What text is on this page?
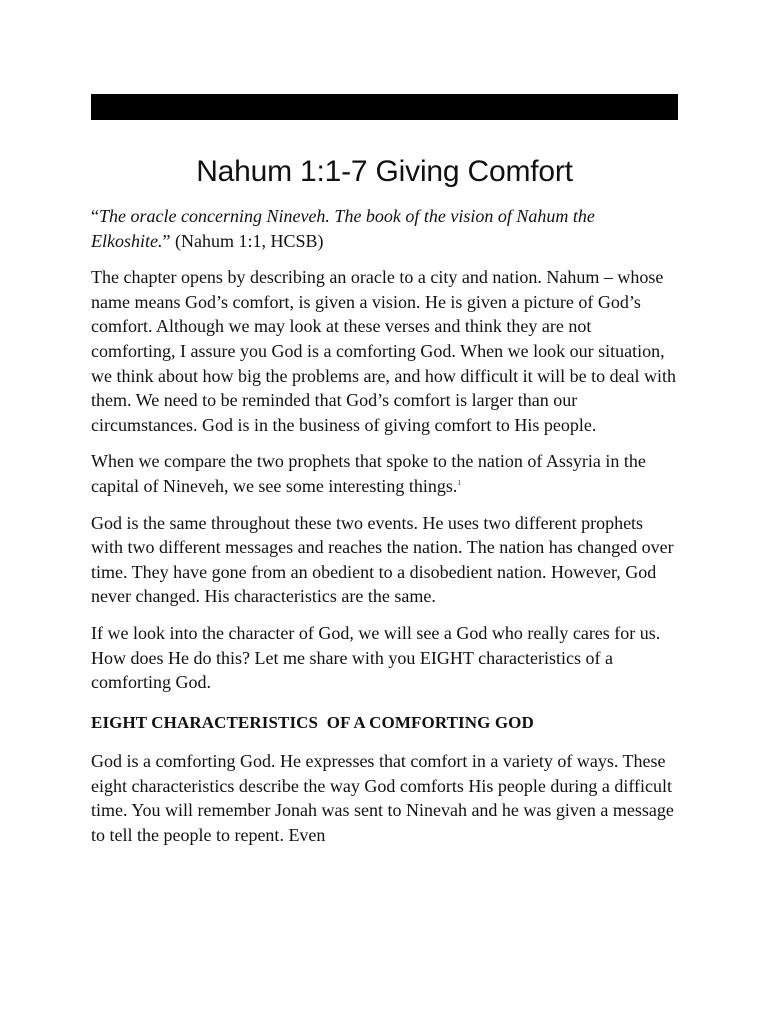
Nahum 1:1-7 Giving Comfort

“The oracle concerning Nineveh. The book of the vision of Nahum the Elkoshite.” (Nahum 1:1, HCSB)

The chapter opens by describing an oracle to a city and nation. Nahum – whose name means God’s comfort, is given a vision. He is given a picture of God’s comfort. Although we may look at these verses and think they are not comforting, I assure you God is a comforting God. When we look our situation, we think about how big the problems are, and how difficult it will be to deal with them. We need to be reminded that God’s comfort is larger than our circumstances. God is in the business of giving comfort to His people.

When we compare the two prophets that spoke to the nation of Assyria in the capital of Nineveh, we see some interesting things.$^1$

God is the same throughout these two events. He uses two different prophets with two different messages and reaches the nation. The nation has changed over time. They have gone from an obedient to a disobedient nation. However, God never changed. His characteristics are the same.

If we look into the character of God, we will see a God who really cares for us. How does He do this? Let me share with you EIGHT characteristics of a comforting God.

EIGHT CHARACTERISTICS  OF A COMFORTING GOD

God is a comforting God. He expresses that comfort in a variety of ways. These eight characteristics describe the way God comforts His people during a difficult time. You will remember Jonah was sent to Ninevah and he was given a message to tell the people to repent. Even
